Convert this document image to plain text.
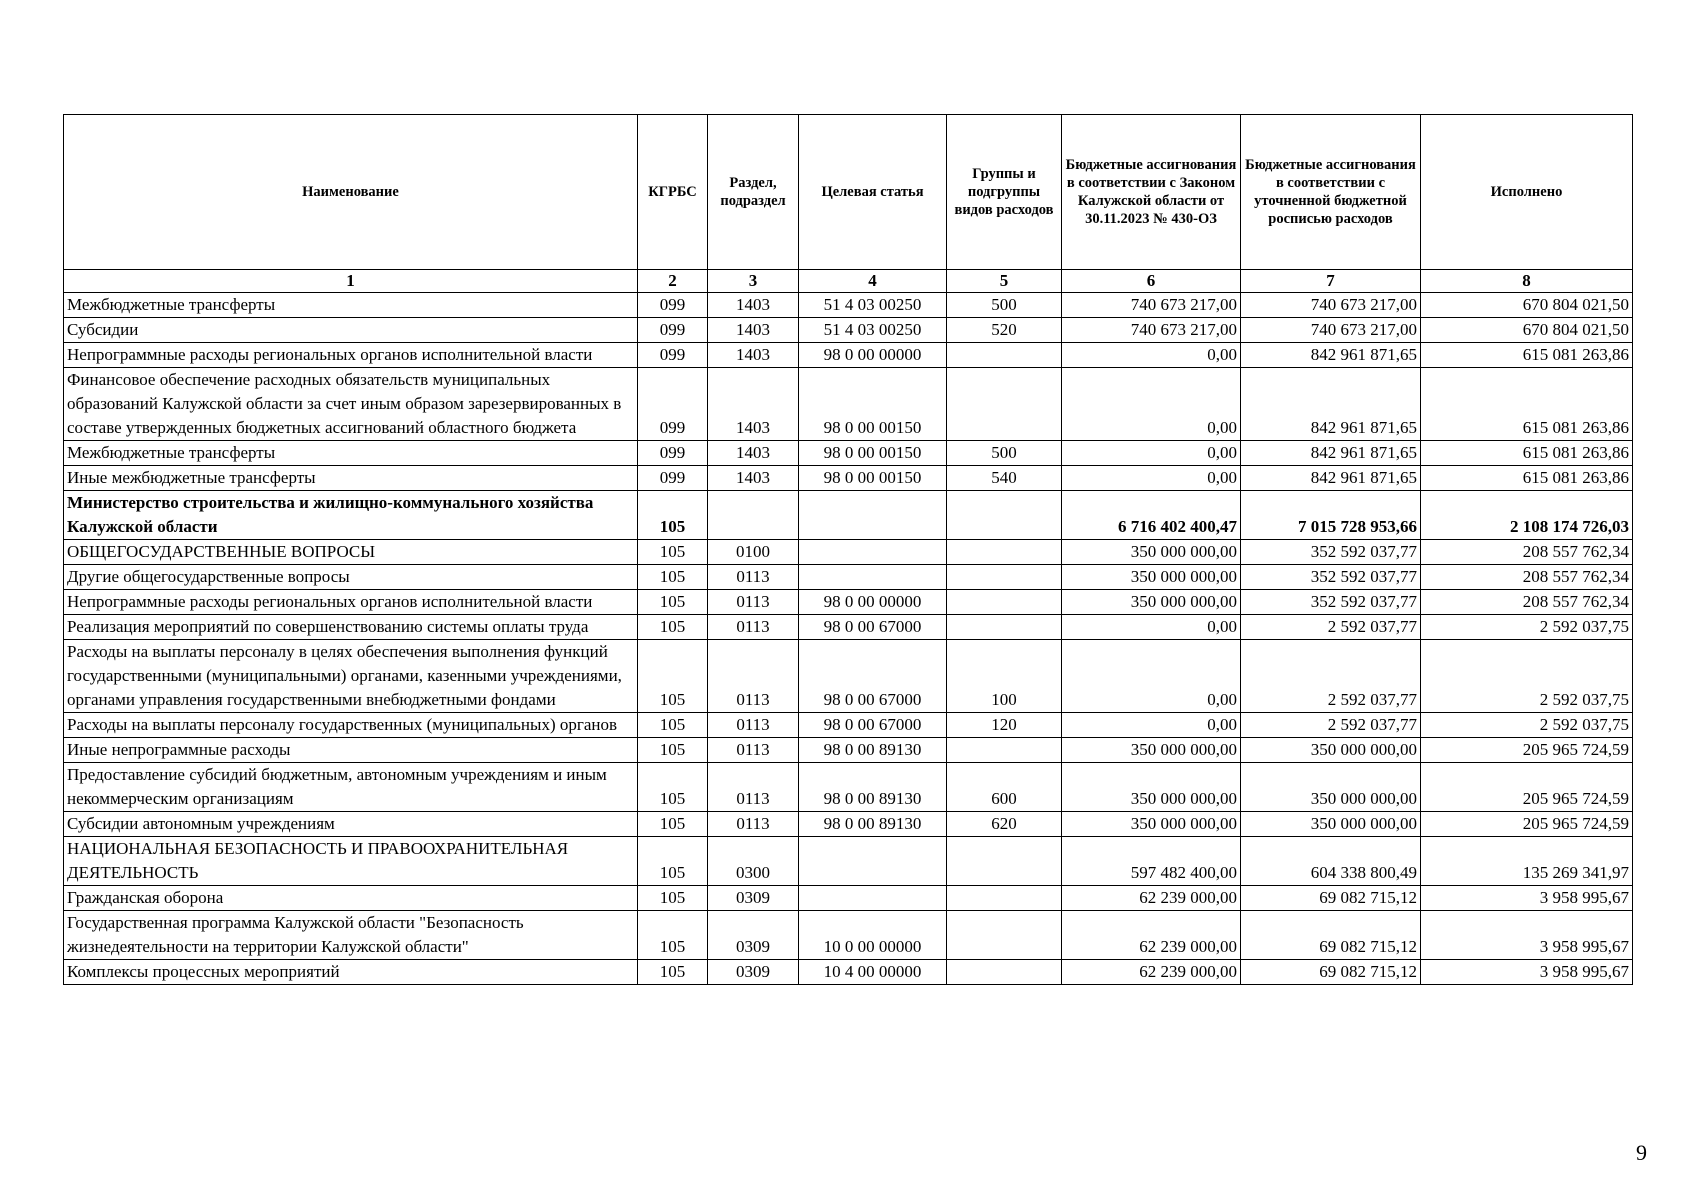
Наименование	КГРБС	Раздел, подраздел	Целевая статья	Группы и подгруппы видов расходов	Бюджетные ассигнования в соответствии с Законом Калужской области от 30.11.2023 № 430-ОЗ	Бюджетные ассигнования в соответствии с уточненной бюджетной росписью расходов	Исполнено
1	2	3	4	5	6	7	8
Межбюджетные трансферты	099	1403	51 4 03 00250	500	740 673 217,00	740 673 217,00	670 804 021,50
Субсидии	099	1403	51 4 03 00250	520	740 673 217,00	740 673 217,00	670 804 021,50
Непрограммные расходы региональных органов исполнительной власти	099	1403	98 0 00 00000		0,00	842 961 871,65	615 081 263,86
Финансовое обеспечение расходных обязательств муниципальных образований Калужской области за счет иным образом зарезервированных в составе утвержденных бюджетных ассигнований областного бюджета	099	1403	98 0 00 00150		0,00	842 961 871,65	615 081 263,86
Межбюджетные трансферты	099	1403	98 0 00 00150	500	0,00	842 961 871,65	615 081 263,86
Иные межбюджетные трансферты	099	1403	98 0 00 00150	540	0,00	842 961 871,65	615 081 263,86
Министерство строительства и жилищно-коммунального хозяйства Калужской области	105				6 716 402 400,47	7 015 728 953,66	2 108 174 726,03
ОБЩЕГОСУДАРСТВЕННЫЕ ВОПРОСЫ	105	0100			350 000 000,00	352 592 037,77	208 557 762,34
Другие общегосударственные вопросы	105	0113			350 000 000,00	352 592 037,77	208 557 762,34
Непрограммные расходы региональных органов исполнительной власти	105	0113	98 0 00 00000		350 000 000,00	352 592 037,77	208 557 762,34
Реализация мероприятий по совершенствованию системы оплаты труда	105	0113	98 0 00 67000		0,00	2 592 037,77	2 592 037,75
Расходы на выплаты персоналу в целях обеспечения выполнения функций государственными (муниципальными) органами, казенными учреждениями, органами управления государственными внебюджетными фондами	105	0113	98 0 00 67000	100	0,00	2 592 037,77	2 592 037,75
Расходы на выплаты персоналу государственных (муниципальных) органов	105	0113	98 0 00 67000	120	0,00	2 592 037,77	2 592 037,75
Иные непрограммные расходы	105	0113	98 0 00 89130		350 000 000,00	350 000 000,00	205 965 724,59
Предоставление субсидий бюджетным, автономным учреждениям и иным некоммерческим организациям	105	0113	98 0 00 89130	600	350 000 000,00	350 000 000,00	205 965 724,59
Субсидии автономным учреждениям	105	0113	98 0 00 89130	620	350 000 000,00	350 000 000,00	205 965 724,59
НАЦИОНАЛЬНАЯ БЕЗОПАСНОСТЬ И ПРАВООХРАНИТЕЛЬНАЯ ДЕЯТЕЛЬНОСТЬ	105	0300			597 482 400,00	604 338 800,49	135 269 341,97
Гражданская оборона	105	0309			62 239 000,00	69 082 715,12	3 958 995,67
Государственная программа Калужской области "Безопасность жизнедеятельности на территории Калужской области"	105	0309	10 0 00 00000		62 239 000,00	69 082 715,12	3 958 995,67
Комплексы процессных мероприятий	105	0309	10 4 00 00000		62 239 000,00	69 082 715,12	3 958 995,67
9
